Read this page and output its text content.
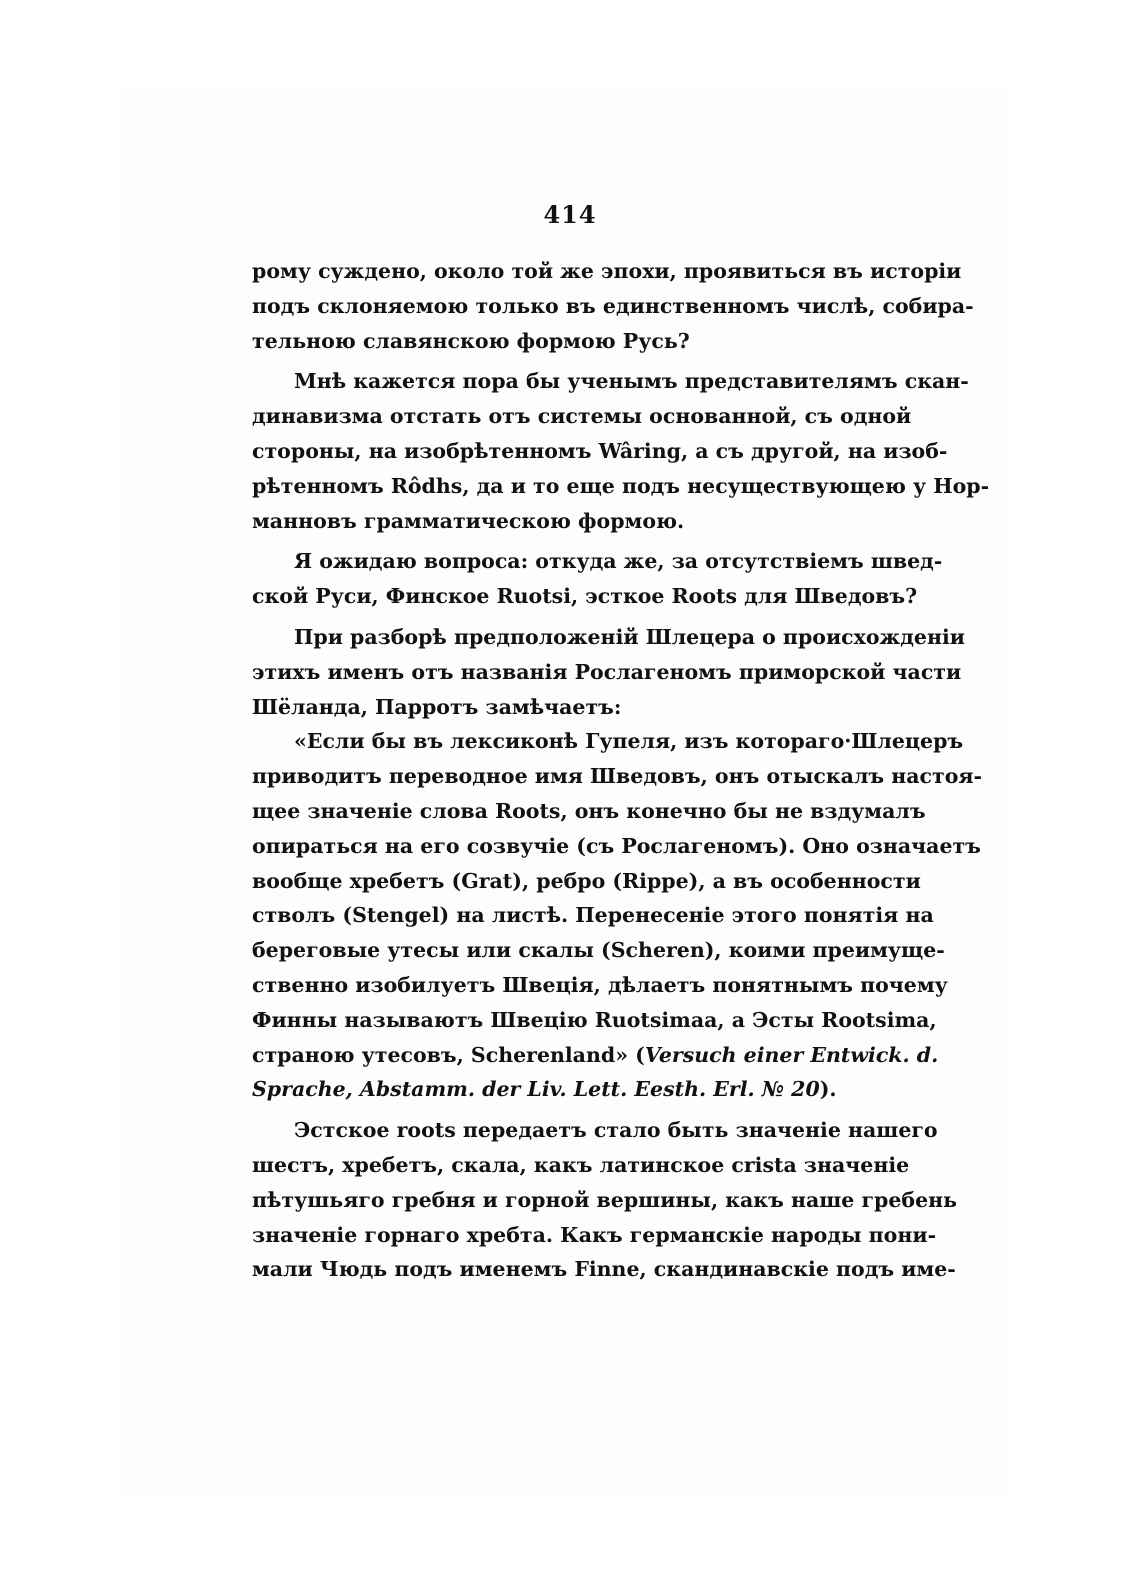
414
рому суждено, около той же эпохи, проявиться въ исторіи
подъ склоняемою только въ единственномъ числѣ, собира-
тельною славянскою формою Русь?
Мнѣ кажется пора бы ученымъ представителямъ скан-
динавизма отстать отъ системы основанной, съ одной
стороны, на изобрѣтенномъ Wâring, а съ другой, на изоб-
рѣтенномъ Rôdhs, да и то еще подъ несуществующею у Нор-
манновъ грамматическою формою.
Я ожидаю вопроса: откуда же, за отсутствіемъ швед-
ской Руси, Финское Ruotsi, эсткое Roots для Шведовъ?
При разборѣ предположеній Шлецера о происхожденіи
этихъ именъ отъ названія Рослагеномъ приморской части
Шёланда, Парротъ замѣчаетъ:
«Если бы въ лексиконѣ Гупеля, изъ котораго·Шлецеръ
приводитъ переводное имя Шведовъ, онъ отыскалъ настоя-
щее значеніе слова Roots, онъ конечно бы не вздумалъ
опираться на его созвучіе (съ Рослагеномъ). Оно означаетъ
вообще хребетъ (Grat), ребро (Rippe), а въ особенности
стволъ (Stengel) на листѣ. Перенесеніе этого понятія на
береговые утесы или скалы (Scheren), коими преимуще-
ственно изобилуетъ Швеція, дѣлаетъ понятнымъ почему
Финны называютъ Швецію Ruotsimaa, а Эсты Rootsima,
страною утесовъ, Scherenland» (Versuch einer Entwick. d.
Sprache, Abstamm. der Liv. Lett. Eesth. Erl. № 20).
Эстское roots передаетъ стало быть значеніе нашего
шестъ, хребетъ, скала, какъ латинское crista значеніе
пѣтушьяго гребня и горной вершины, какъ наше гребень
значеніе горнаго хребта. Какъ германскіе народы пони-
мали Чюдь подъ именемъ Finne, скандинавскіе подъ име-
